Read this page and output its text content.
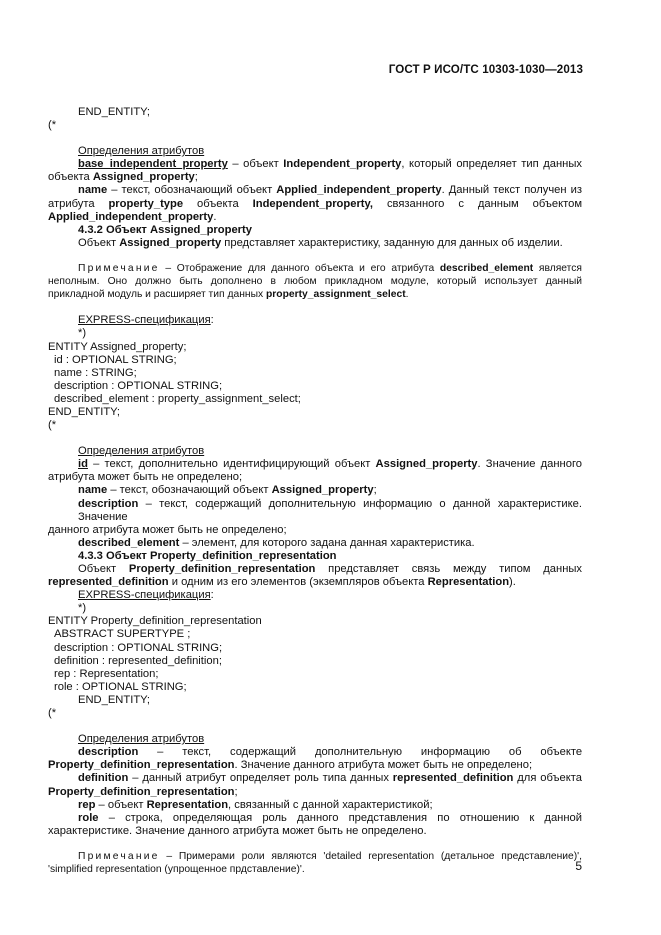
ГОСТ Р ИСО/ТС 10303-1030—2013
END_ENTITY;
(*
Определения атрибутов
base_independent_property – объект Independent_property, который определяет тип данных
объекта Assigned_property;
name – текст, обозначающий объект Applied_independent_property. Данный текст получен из
атрибута property_type объекта Independent_property, связанного с данным объектом
Applied_independent_property.
4.3.2 Объект Assigned_property
Объект Assigned_property представляет характеристику, заданную для данных об изделии.
Примечание – Отображение для данного объекта и его атрибута described_element является неполным. Оно должно быть дополнено в любом прикладном модуле, который использует данный прикладной модуль и расширяет тип данных property_assignment_select.
EXPRESS-спецификация:
*)
ENTITY Assigned_property;
id : OPTIONAL STRING;
name : STRING;
description : OPTIONAL STRING;
described_element : property_assignment_select;
END_ENTITY;
(*
Определения атрибутов
id – текст, дополнительно идентифицирующий объект Assigned_property. Значение данного
атрибута может быть не определено;
name – текст, обозначающий объект Assigned_property;
description – текст, содержащий дополнительную информацию о данной характеристике. Значение
данного атрибута может быть не определено;
described_element – элемент, для которого задана данная характеристика.
4.3.3 Объект Property_definition_representation
Объект Property_definition_representation представляет связь между типом данных
represented_definition и одним из его элементов (экземпляров объекта Representation).
EXPRESS-спецификация:
*)
ENTITY Property_definition_representation
ABSTRACT SUPERTYPE ;
description : OPTIONAL STRING;
definition : represented_definition;
rep : Representation;
role : OPTIONAL STRING;
END_ENTITY;
(*
Определения атрибутов
description – текст, содержащий дополнительную информацию об объекте
Property_definition_representation. Значение данного атрибута может быть не определено;
definition – данный атрибут определяет роль типа данных represented_definition для объекта
Property_definition_representation;
rep – объект Representation, связанный с данной характеристикой;
role – строка, определяющая роль данного представления по отношению к данной
характеристике. Значение данного атрибута может быть не определено.
Примечание – Примерами роли являются 'detailed representation (детальное представление)', 'simplified representation (упрощенное прдставление)'.	5
